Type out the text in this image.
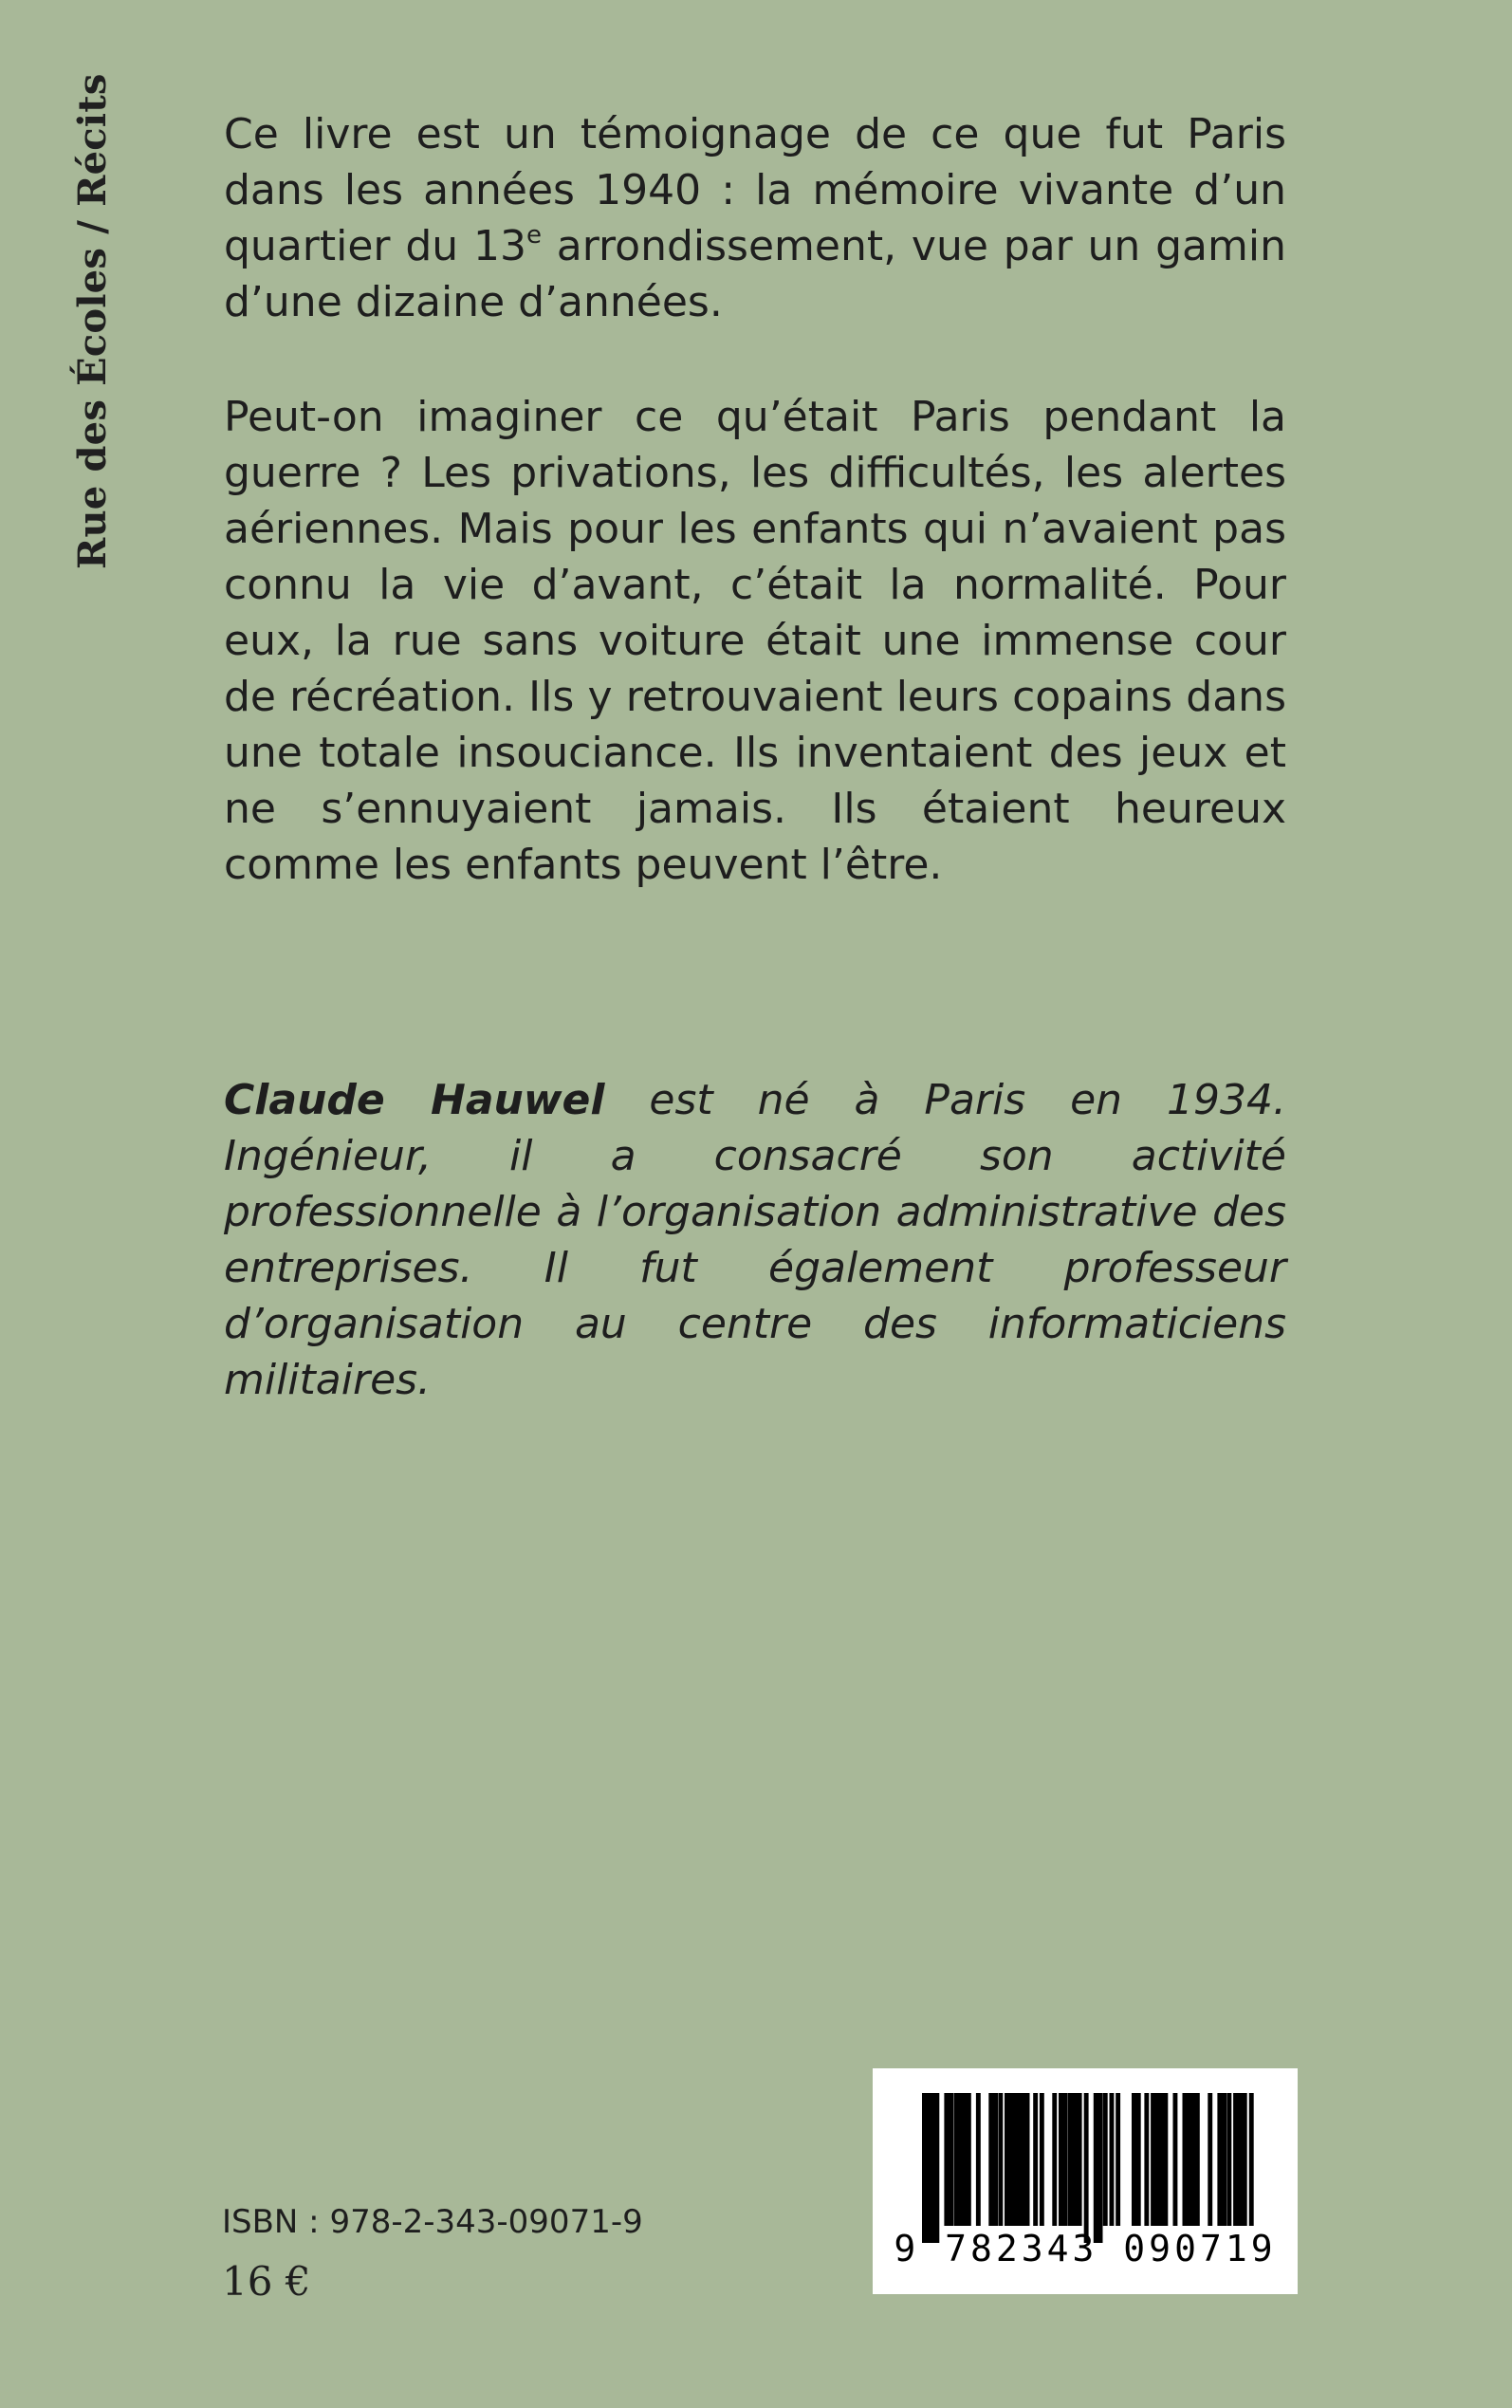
Rue des Écoles / Récits	Ce livre est un témoignage de ce que fut Paris dans les années 1940 : la mémoire vivante d’un quartier du 13e arrondissement, vue par un gamin d’une dizaine d’années.

Peut-on imaginer ce qu’était Paris pendant la guerre ? Les privations, les difficultés, les alertes aériennes. Mais pour les enfants qui n’avaient pas connu la vie d’avant, c’était la normalité. Pour eux, la rue sans voiture était une immense cour de récréation. Ils y retrouvaient leurs copains dans une totale insouciance. Ils inventaient des jeux et ne s’ennuyaient jamais. Ils étaient heureux comme les enfants peuvent l’être.

Claude Hauwel est né à Paris en 1934. Ingénieur, il a consacré son activité professionnelle à l’organisation administrative des entreprises. Il fut également professeur d’organisation au centre des informaticiens militaires.

ISBN : 978-2-343-09071-9
16 €
9 782343 090719
